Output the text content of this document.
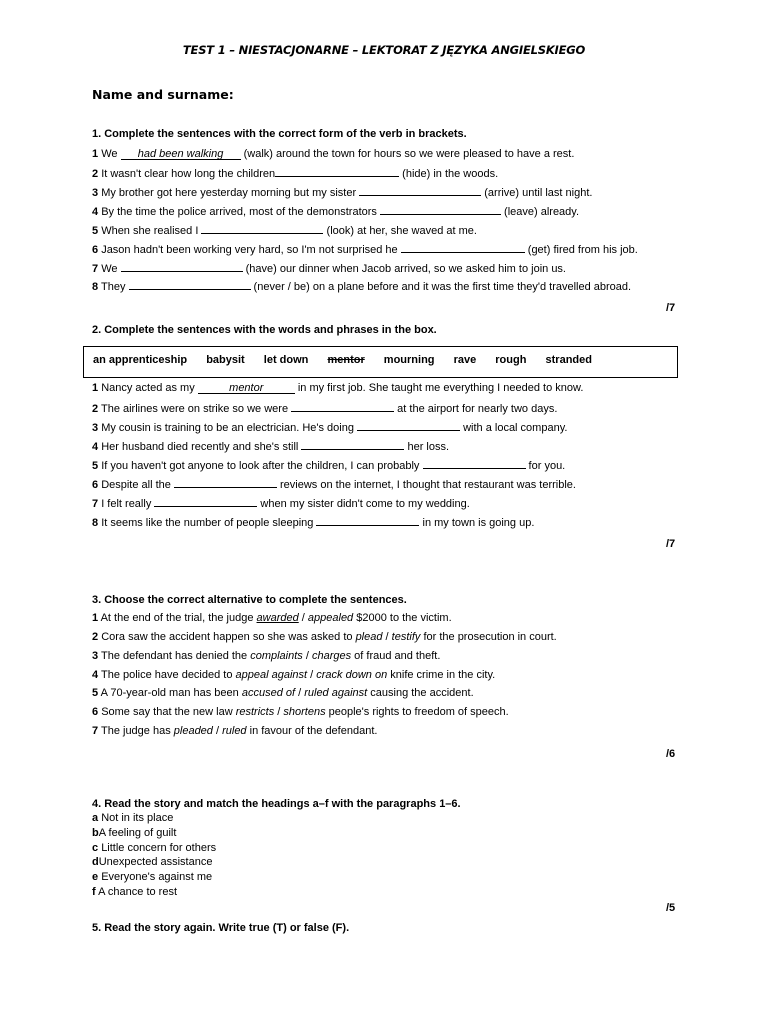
TEST 1 – NIESTACJONARNE – LEKTORAT Z JĘZYKA ANGIELSKIEGO
Name and surname:
1. Complete the sentences with the correct form of the verb in brackets.
1 We had been walking (walk) around the town for hours so we were pleased to have a rest.
2 It wasn't clear how long the children	(hide) in the woods.
3 My brother got here yesterday morning but my sister	(arrive) until last night.
4 By the time the police arrived, most of the demonstrators	(leave) already.
5 When she realised I	(look) at her, she waved at me.
6 Jason hadn't been working very hard, so I'm not surprised he	(get) fired from his job.
7 We	(have) our dinner when Jacob arrived, so we asked him to join us.
8 They	(never / be) on a plane before and it was the first time they'd travelled abroad.
/7
2. Complete the sentences with the words and phrases in the box.
an apprenticeship babysit let down mentor mourning rave rough stranded
1 Nancy acted as my	mentor	in my first job. She taught me everything I needed to know.
2 The airlines were on strike so we were	at the airport for nearly two days.
3 My cousin is training to be an electrician. He's doing	with a local company.
4 Her husband died recently and she's still	her loss.
5 If you haven't got anyone to look after the children, I can probably	for you.
6 Despite all the	reviews on the internet, I thought that restaurant was terrible.
7 I felt really	when my sister didn't come to my wedding.
8 It seems like the number of people sleeping	in my town is going up.
/7
3. Choose the correct alternative to complete the sentences.
1 At the end of the trial, the judge awarded / appealed $2000 to the victim.
2 Cora saw the accident happen so she was asked to plead / testify for the prosecution in court.
3 The defendant has denied the complaints / charges of fraud and theft.
4 The police have decided to appeal against / crack down on knife crime in the city.
5 A 70-year-old man has been accused of / ruled against causing the accident.
6 Some say that the new law restricts / shortens people's rights to freedom of speech.
7 The judge has pleaded / ruled in favour of the defendant.
/6
4. Read the story and match the headings a–f with the paragraphs 1–6.
a Not in its place
bA feeling of guilt
c Little concern for others
dUnexpected assistance
e Everyone's against me
f A chance to rest
/5
5. Read the story again. Write true (T) or false (F).
